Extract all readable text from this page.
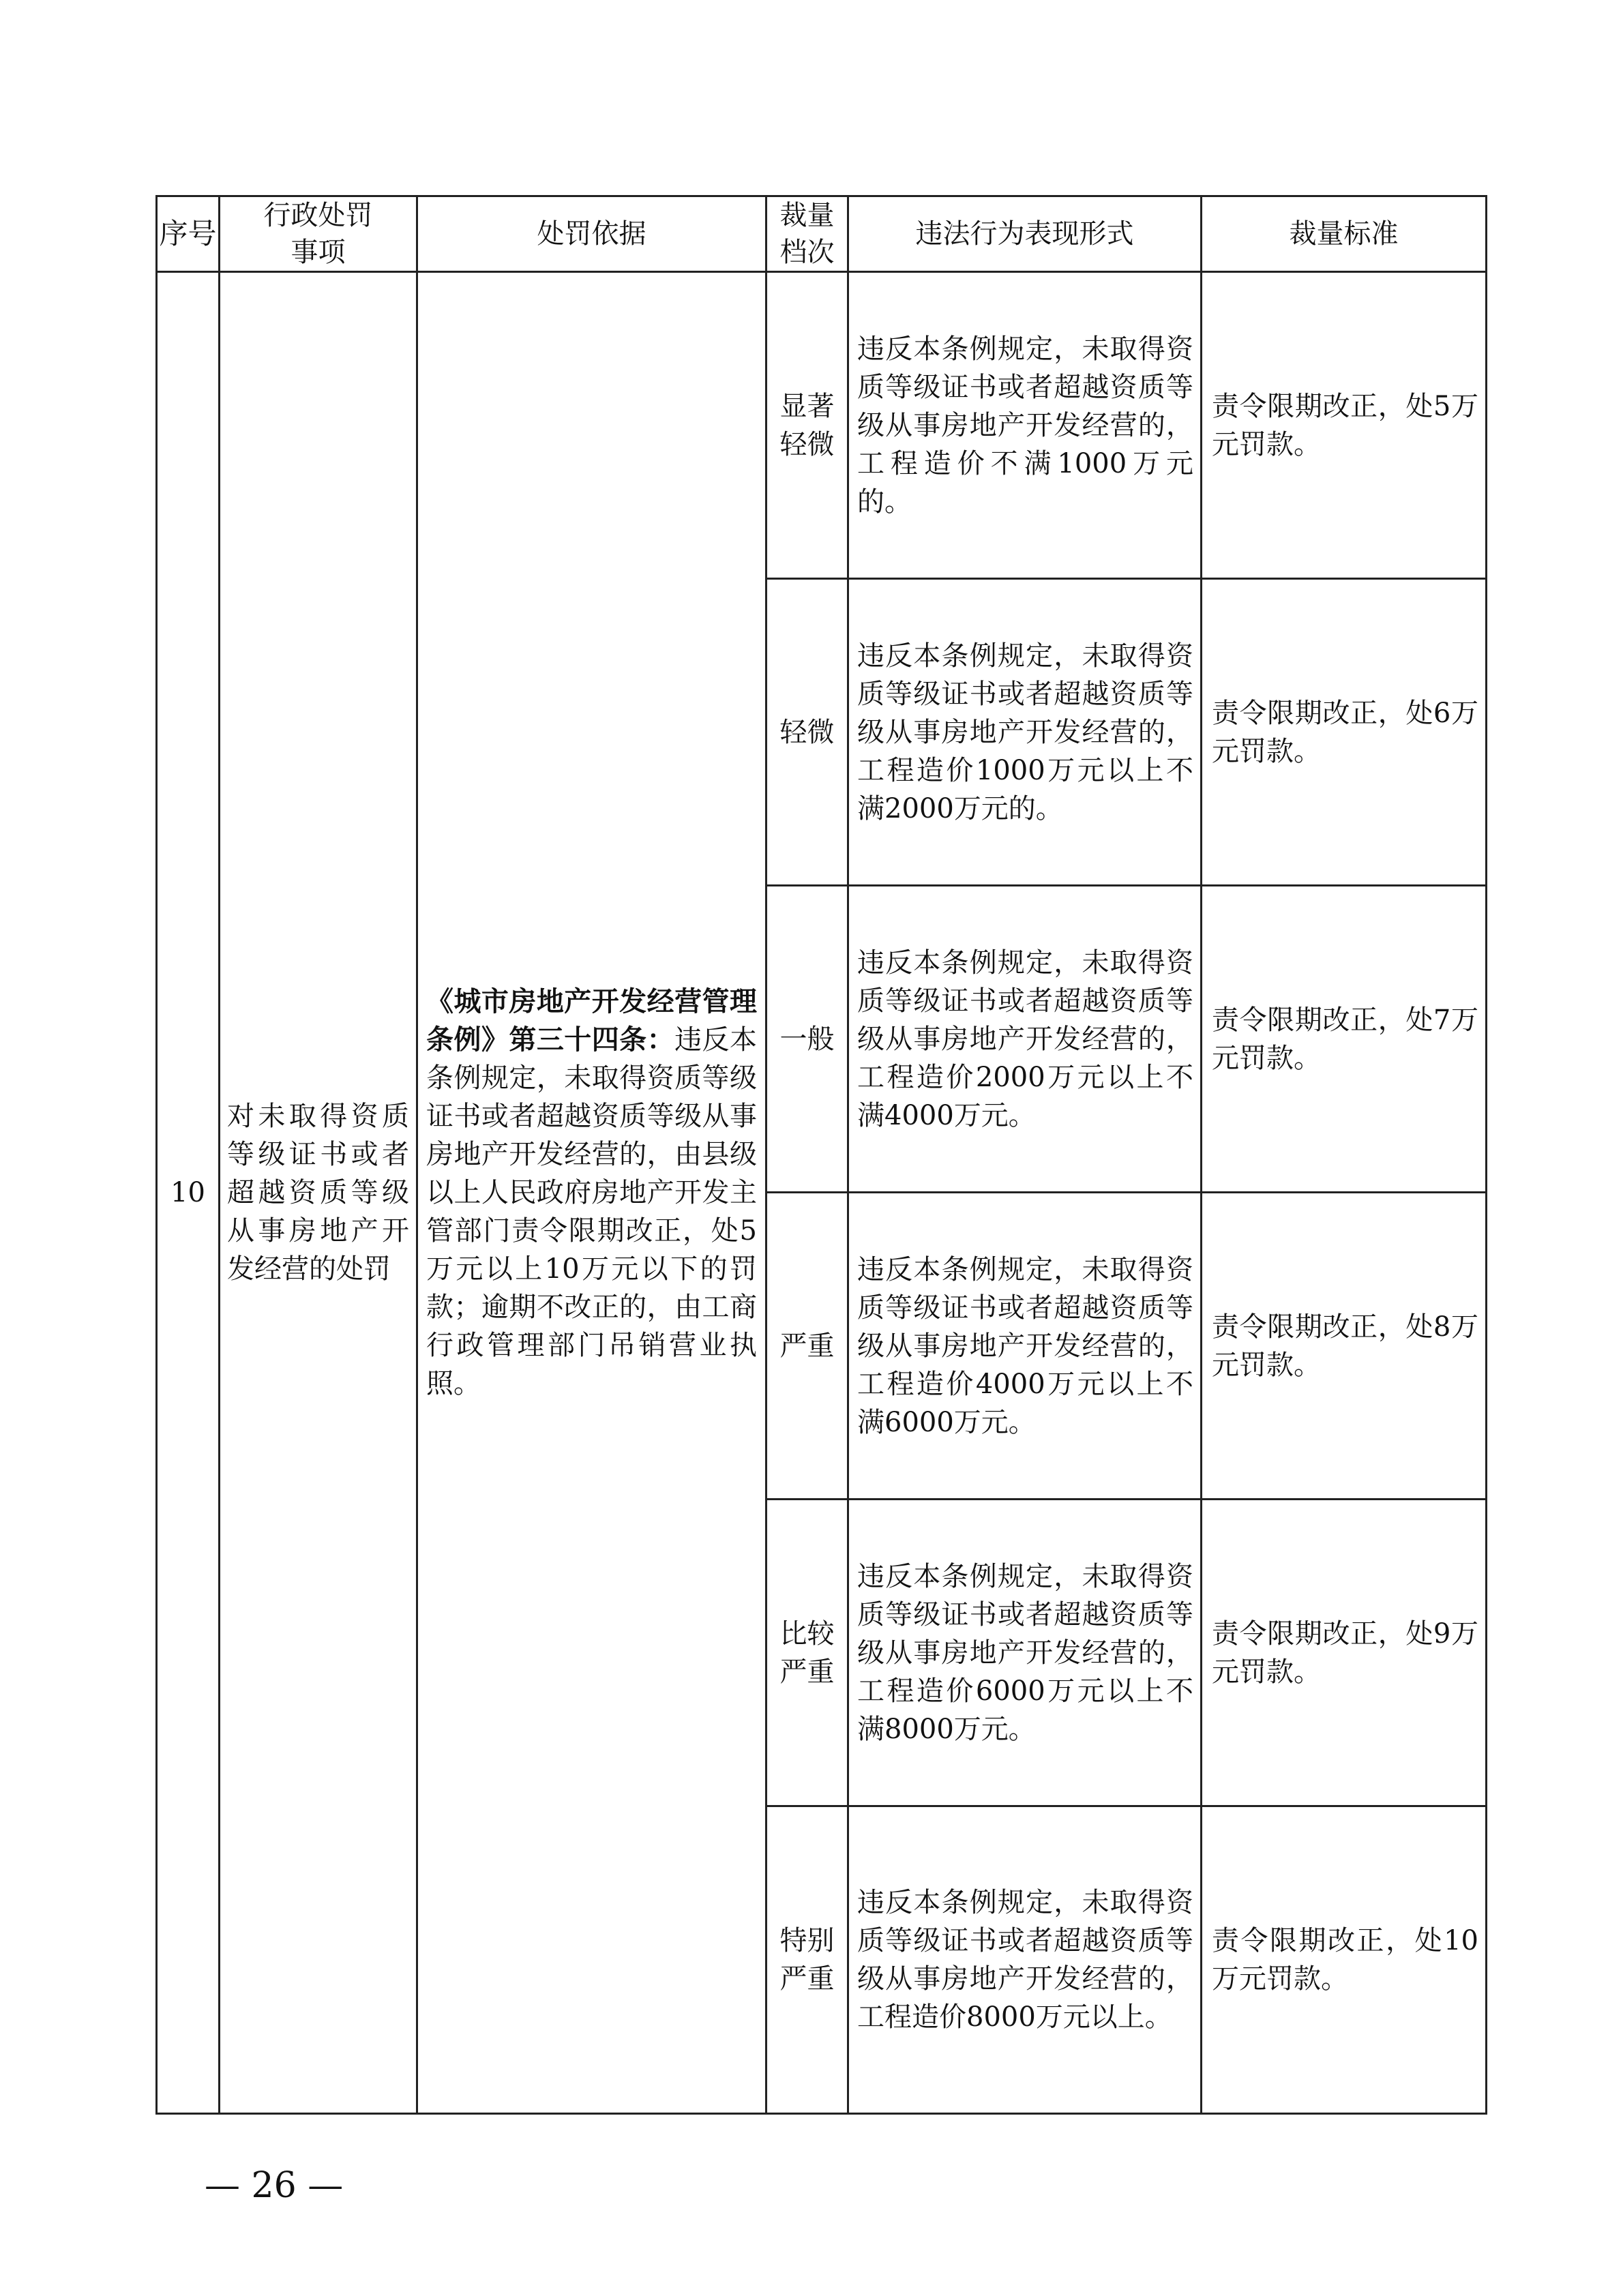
序号	行政处罚事项	处罚依据	裁量档次	违法行为表现形式	裁量标准
10	对未取得资质等级证书或者超越资质等级从事房地产开发经营的处罚	《城市房地产开发经营管理条例》第三十四条：违反本条例规定，未取得资质等级证书或者超越资质等级从事房地产开发经营的，由县级以上人民政府房地产开发主管部门责令限期改正，处5万元以上10万元以下的罚款；逾期不改正的，由工商行政管理部门吊销营业执照。	显著轻微	违反本条例规定，未取得资质等级证书或者超越资质等级从事房地产开发经营的，工程造价不满1000万元的。	责令限期改正，处5万元罚款。
			轻微	违反本条例规定，未取得资质等级证书或者超越资质等级从事房地产开发经营的，工程造价1000万元以上不满2000万元的。	责令限期改正，处6万元罚款。
			一般	违反本条例规定，未取得资质等级证书或者超越资质等级从事房地产开发经营的，工程造价2000万元以上不满4000万元。	责令限期改正，处7万元罚款。
			严重	违反本条例规定，未取得资质等级证书或者超越资质等级从事房地产开发经营的，工程造价4000万元以上不满6000万元。	责令限期改正，处8万元罚款。
			比较严重	违反本条例规定，未取得资质等级证书或者超越资质等级从事房地产开发经营的，工程造价6000万元以上不满8000万元。	责令限期改正，处9万元罚款。
			特别严重	违反本条例规定，未取得资质等级证书或者超越资质等级从事房地产开发经营的，工程造价8000万元以上。	责令限期改正，处10万元罚款。
— 26 —
